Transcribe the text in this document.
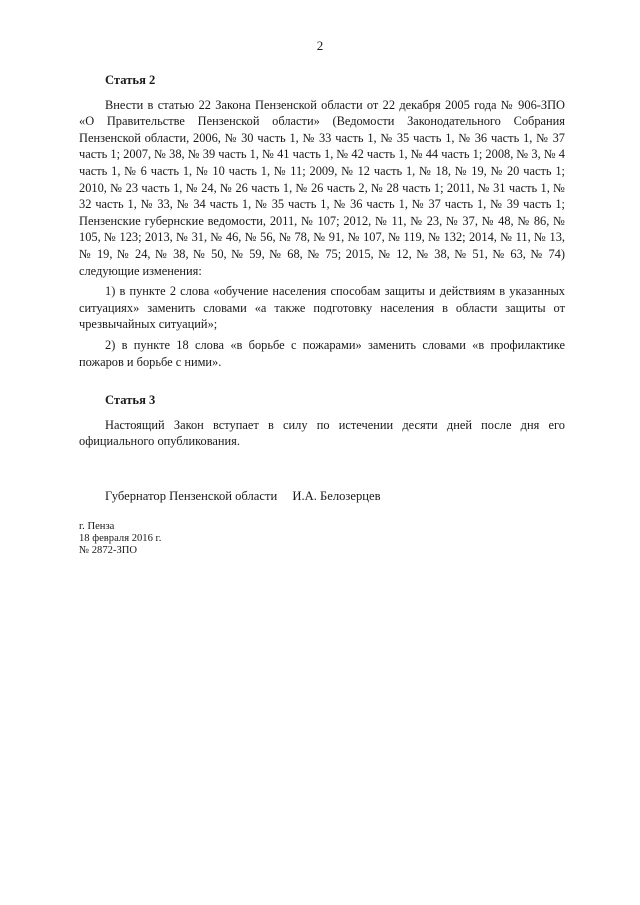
2

Статья 2

Внести в статью 22 Закона Пензенской области от 22 декабря 2005 года № 906-ЗПО «О Правительстве Пензенской области» (Ведомости Законодательного Собрания Пензенской области, 2006, № 30 часть 1, № 33 часть 1, № 35 часть 1, № 36 часть 1, № 37 часть 1; 2007, № 38, № 39 часть 1, № 41 часть 1, № 42 часть 1, № 44 часть 1; 2008, № 3, № 4 часть 1, № 6 часть 1, № 10 часть 1, № 11; 2009, № 12 часть 1, № 18, № 19, № 20 часть 1; 2010, № 23 часть 1, № 24, № 26 часть 1, № 26 часть 2, № 28 часть 1; 2011, № 31 часть 1, № 32 часть 1, № 33, № 34 часть 1, № 35 часть 1, № 36 часть 1, № 37 часть 1, № 39 часть 1; Пензенские губернские ведомости, 2011, № 107; 2012, № 11, № 23, № 37, № 48, № 86, № 105, № 123; 2013, № 31, № 46, № 56, № 78, № 91, № 107, № 119, № 132; 2014, № 11, № 13, № 19, № 24, № 38, № 50, № 59, № 68, № 75; 2015, № 12, № 38, № 51, № 63, № 74) следующие изменения:

1) в пункте 2 слова «обучение населения способам защиты и действиям в указанных ситуациях» заменить словами «а также подготовку населения в области защиты от чрезвычайных ситуаций»;

2) в пункте 18 слова «в борьбе с пожарами» заменить словами «в профилактике пожаров и борьбе с ними».

Статья 3

Настоящий Закон вступает в силу по истечении десяти дней после дня его официального опубликования.

Губернатор Пензенской области И.А. Белозерцев
г. Пенза
18 февраля 2016 г.
№ 2872-ЗПО
